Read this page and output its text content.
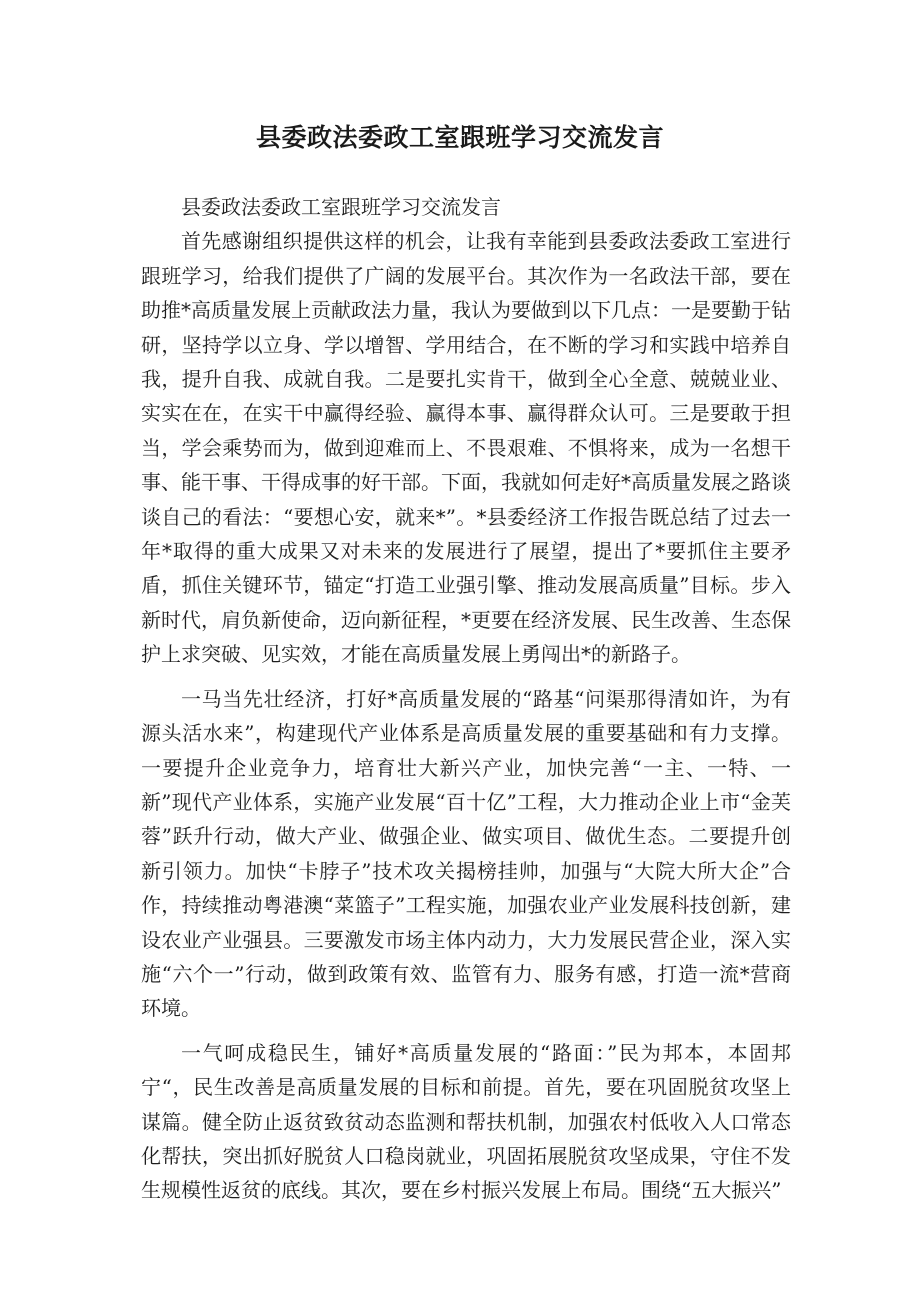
县委政法委政工室跟班学习交流发言

县委政法委政工室跟班学习交流发言

首先感谢组织提供这样的机会，让我有幸能到县委政法委政工室进行跟班学习，给我们提供了广阔的发展平台。其次作为一名政法干部，要在助推*高质量发展上贡献政法力量，我认为要做到以下几点：一是要勤于钻研，坚持学以立身、学以增智、学用结合，在不断的学习和实践中培养自我，提升自我、成就自我。二是要扎实肯干，做到全心全意、兢兢业业、实实在在，在实干中赢得经验、赢得本事、赢得群众认可。三是要敢于担当，学会乘势而为，做到迎难而上、不畏艰难、不惧将来，成为一名想干事、能干事、干得成事的好干部。下面，我就如何走好*高质量发展之路谈谈自己的看法：“要想心安，就来*”。*县委经济工作报告既总结了过去一年*取得的重大成果又对未来的发展进行了展望，提出了*要抓住主要矛盾，抓住关键环节，锚定“打造工业强引擎、推动发展高质量”目标。步入新时代，肩负新使命，迈向新征程，*更要在经济发展、民生改善、生态保护上求突破、见实效，才能在高质量发展上勇闯出*的新路子。

一马当先壮经济，打好*高质量发展的“路基“问渠那得清如许，为有源头活水来”，构建现代产业体系是高质量发展的重要基础和有力支撑。一要提升企业竞争力，培育壮大新兴产业，加快完善“一主、一特、一新”现代产业体系，实施产业发展“百十亿”工程，大力推动企业上市“金芙蓉”跃升行动，做大产业、做强企业、做实项目、做优生态。二要提升创新引领力。加快“卡脖子”技术攻关揭榜挂帅，加强与“大院大所大企”合作，持续推动粤港澳“菜篮子”工程实施，加强农业产业发展科技创新，建设农业产业强县。三要激发市场主体内动力，大力发展民营企业，深入实施“六个一”行动，做到政策有效、监管有力、服务有感，打造一流*营商环境。

一气呵成稳民生，铺好*高质量发展的“路面：”民为邦本，本固邦宁“，民生改善是高质量发展的目标和前提。首先，要在巩固脱贫攻坚上谋篇。健全防止返贫致贫动态监测和帮扶机制，加强农村低收入人口常态化帮扶，突出抓好脱贫人口稳岗就业，巩固拓展脱贫攻坚成果，守住不发生规模性返贫的底线。其次，要在乡村振兴发展上布局。围绕“五大振兴”
